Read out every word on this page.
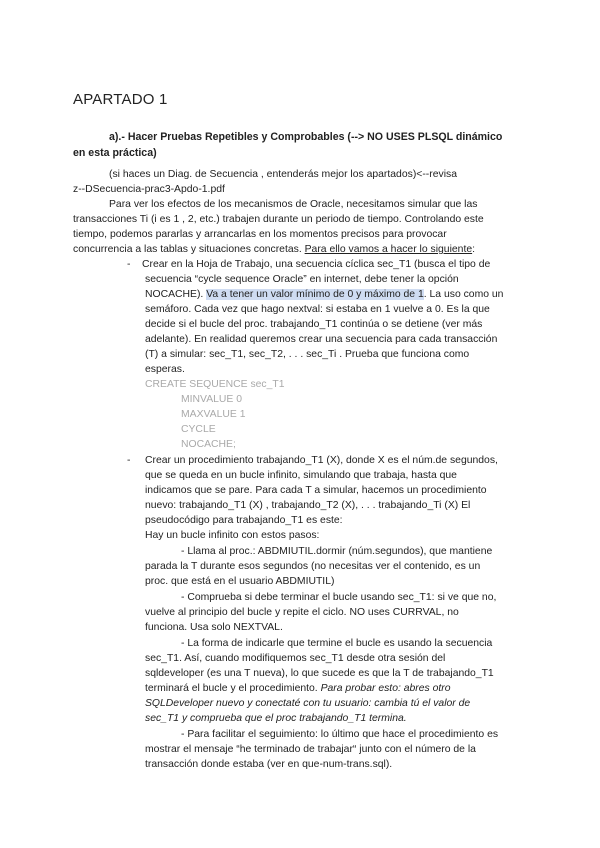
APARTADO 1
a).- Hacer Pruebas Repetibles y Comprobables (--> NO USES PLSQL dinámico
en esta práctica)
(si haces un Diag. de Secuencia , entenderás mejor los apartados)<--revisa
z--DSecuencia-prac3-Apdo-1.pdf
Para ver los efectos de los mecanismos de Oracle, necesitamos simular que las
transacciones Ti (i es 1 , 2, etc.) trabajen durante un periodo de tiempo. Controlando este
tiempo, podemos pararlas y arrancarlas en los momentos precisos para provocar
concurrencia a las tablas y situaciones concretas. Para ello vamos a hacer lo siguiente:
- Crear en la Hoja de Trabajo, una secuencia cíclica sec_T1 (busca el tipo de
secuencia “cycle sequence Oracle” en internet, debe tener la opción
NOCACHE). Va a tener un valor mínimo de 0 y máximo de 1. La uso como un
semáforo. Cada vez que hago nextval: si estaba en 1 vuelve a 0. Es la que
decide si el bucle del proc. trabajando_T1 continúa o se detiene (ver más
adelante). En realidad queremos crear una secuencia para cada transacción
(T) a simular: sec_T1, sec_T2, . . . sec_Ti . Prueba que funciona como
esperas.
CREATE SEQUENCE sec_T1
MINVALUE 0
MAXVALUE 1
CYCLE
NOCACHE;
- Crear un procedimiento trabajando_T1 (X), donde X es el núm.de segundos,
que se queda en un bucle infinito, simulando que trabaja, hasta que
indicamos que se pare. Para cada T a simular, hacemos un procedimiento
nuevo: trabajando_T1 (X) , trabajando_T2 (X), . . . trabajando_Ti (X) El
pseudocódigo para trabajando_T1 es este:
Hay un bucle infinito con estos pasos:
- Llama al proc.: ABDMIUTIL.dormir (núm.segundos), que mantiene
parada la T durante esos segundos (no necesitas ver el contenido, es un
proc. que está en el usuario ABDMIUTIL)
- Comprueba si debe terminar el bucle usando sec_T1: si ve que no,
vuelve al principio del bucle y repite el ciclo. NO uses CURRVAL, no
funciona. Usa solo NEXTVAL.
- La forma de indicarle que termine el bucle es usando la secuencia
sec_T1. Así, cuando modifiquemos sec_T1 desde otra sesión del
sqldeveloper (es una T nueva), lo que sucede es que la T de trabajando_T1
terminará el bucle y el procedimiento. Para probar esto: abres otro
SQLDeveloper nuevo y conectaté con tu usuario: cambia tú el valor de
sec_T1 y comprueba que el proc trabajando_T1 termina.
- Para facilitar el seguimiento: lo último que hace el procedimiento es
mostrar el mensaje “he terminado de trabajar“ junto con el número de la
transacción donde estaba (ver en que-num-trans.sql).
